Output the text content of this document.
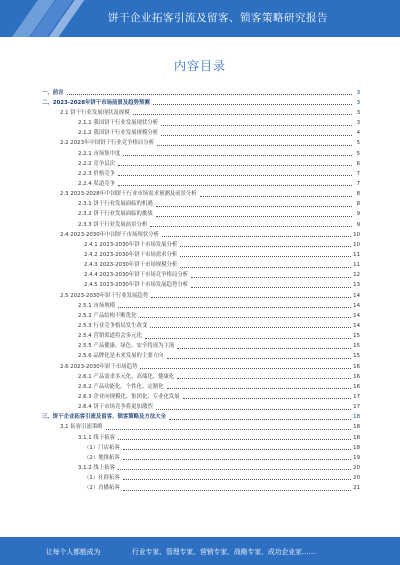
饼干企业拓客引流及留客、锁客策略研究报告
内容目录
一、前言	3
二、2023-2028年饼干市场前景及趋势预测	3
2.1 饼干行业发展现状及规模	3
2.1.1 我国饼干行业发展现状分析	3
2.1.2 我国饼干行业发展规模分析	4
2.2 2023年中国饼干行业竞争格局分析	5
2.2.1 市场集中度	5
2.2.2 竞争层次	6
2.2.3 价格竞争	7
2.2.4 渠道竞争	7
2.3 2023-2028年中国饼干行业市场需求预测及前景分析	8
2.3.1 饼干行业发展面临的机遇	8
2.3.2 饼干行业发展面临的挑战	9
2.3.3 饼干行业发展前景分析	9
2.4 2023-2030年中国饼干市场现状分析	10
2.4.1 2023-2030年饼干市场发展分析	10
2.4.2 2023-2030年饼干市场需求分析	11
2.4.3 2023-2030年饼干市场规模分析	11
2.4.4 2023-2030年饼干市场竞争格局分析	12
2.4.5 2023-2030年饼干市场发展趋势分析	13
2.5 2023-2030年饼干行业发展趋势	14
2.5.1 市场规模	14
2.5.2 产品结构不断优化	14
2.5.3 行业竞争格局发生改变	14
2.5.4 营销渠道将会多元化	15
2.5.5 产品健康、绿色、安全将成为主流	15
2.5.6 品牌化是未来发展的主要方向	15
2.6 2023-2030年饼干市场趋势	16
2.6.1 产品需求多元化、高端化、健康化	16
2.6.2 产品功能化、个性化、定制化	16
2.6.3 企业向规模化、集团化、专业化发展	17
2.6.4 饼干市场竞争将更加激烈	17
三、饼干企业拓客引流及留客、锁客策略及方法大全	18
3.1 拓客引流策略	18
3.1.1 线下拓客	18
（1）门店拓客	18
（2）地推拓客	19
3.1.2 线上拓客	20
（1）社群拓客	20
（2）直播拓客	21
让每个人都能成为	行业专家、管理专家、营销专家、战略专家、成功企业家……
